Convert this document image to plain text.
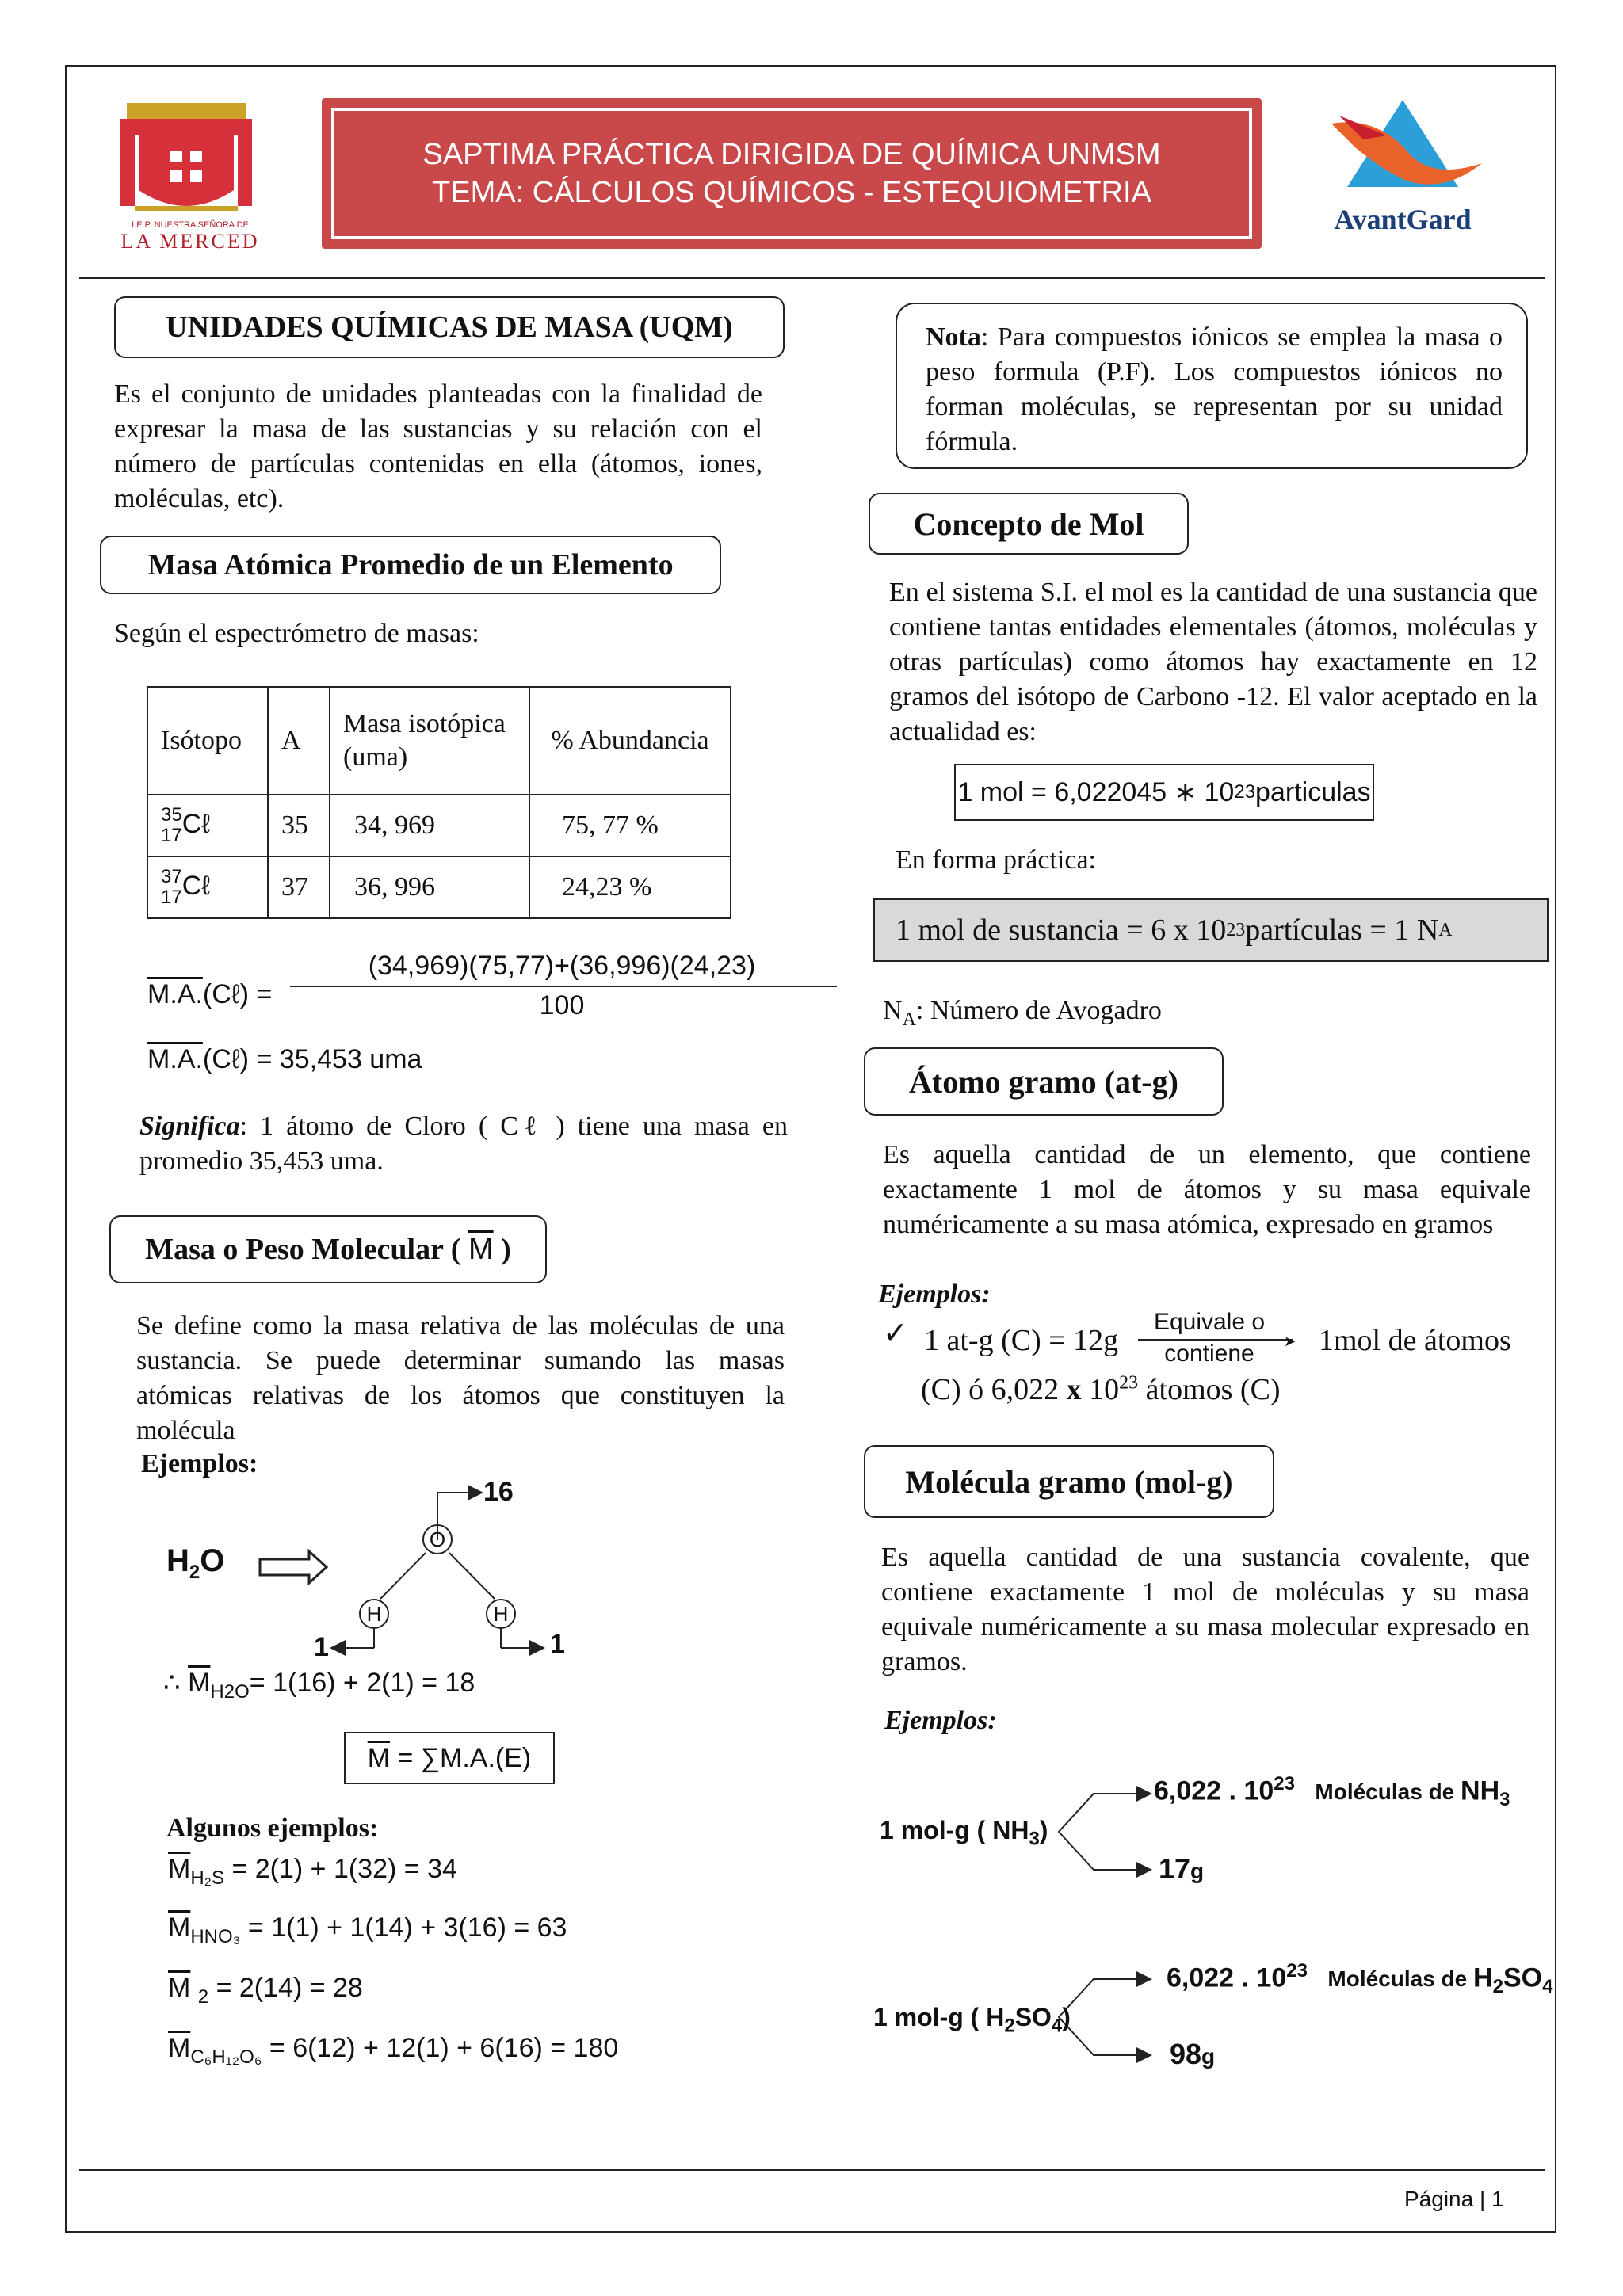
I.E.P. NUESTRA SEÑORA DE
LA MERCED
SAPTIMA PRÁCTICA DIRIGIDA DE QUÍMICA UNMSM
TEMA: CÁLCULOS QUÍMICOS - ESTEQUIOMETRIA
AvantGard
UNIDADES QUÍMICAS DE MASA (UQM)
Es el conjunto de unidades planteadas con la finalidad de expresar la masa de las sustancias y su relación con el número de partículas contenidas en ella (átomos, iones, moléculas, etc).
Masa Atómica Promedio de un Elemento
Según el espectrómetro de masas:
Isótopo	A	Masa isotópica (uma)	% Abundancia

35
17 Cℓ	35	34, 969	75, 77 %

37
17 Cℓ	37	36, 996	24,23 %
M.A.(Cℓ) =
(34,969)(75,77)+(36,996)(24,23)
100
M.A.(Cℓ) = 35,453 uma
Significa: 1 átomo de Cloro ( Cℓ ) tiene una masa en promedio 35,453 uma.
Masa o Peso Molecular (
$\overline{M}$
)
Se define como la masa relativa de las moléculas de una sustancia. Se puede determinar sumando las masas atómicas relativas de los átomos que constituyen la molécula
Ejemplos:
$H_2O$
O
H	H
16
1	1
∴ $\overline{M}_{H2O}= 1(16) + 2(1) = 18$
$\overline{M}$
= ∑M.A.(E)
Algunos ejemplos:
$\overline{M}_{H_2S} = 2(1) + 1(32) = 34$
$\overline{M}_{HNO_3} = 1(1) + 1(14) + 3(16) = 63$
$\overline{M}$ $_2$ = 2(14) = 28
$\overline{M}_{C_6H_{12}O_6} = 6(12) + 12(1) + 6(16) = 180$
Nota: Para compuestos iónicos se emplea la masa o peso formula (P.F). Los compuestos iónicos no forman moléculas, se representan por su unidad fórmula.
Concepto de Mol
En el sistema S.I. el mol es la cantidad de una sustancia que contiene tantas entidades elementales (átomos, moléculas y otras partículas) como átomos hay exactamente en 12 gramos del isótopo de Carbono -12. El valor aceptado en la actualidad es:
1 mol = 6,022045 ∗ 10 23 particulas
En forma práctica:
1 mol de sustancia = 6 x 10 23 partículas = 1 N A
$N_A$: Número de Avogadro
Átomo gramo (at-g)
Es aquella cantidad de un elemento, que contiene exactamente 1 mol de átomos y su masa equivale numéricamente a su masa atómica, expresado en gramos
Ejemplos:
✓ 1 at-g (C) = 12g
Equivale o
➤
contiene	1mol de átomos
(C) ó 6,022 x $10^{23}$ átomos (C)
Molécula gramo (mol-g)
Es aquella cantidad de una sustancia covalente, que contiene exactamente 1 mol de moléculas y su masa equivale numéricamente a su masa molecular expresado en gramos.
Ejemplos:
1 mol-g ( $NH_3$)
6,022 . $10^{23}$ Moléculas de $NH_3$
17g
1 mol-g ( $H_2SO_4$)
6,022 . $10^{23}$ Moléculas de $H_2SO_4$
98g
Página | 1
